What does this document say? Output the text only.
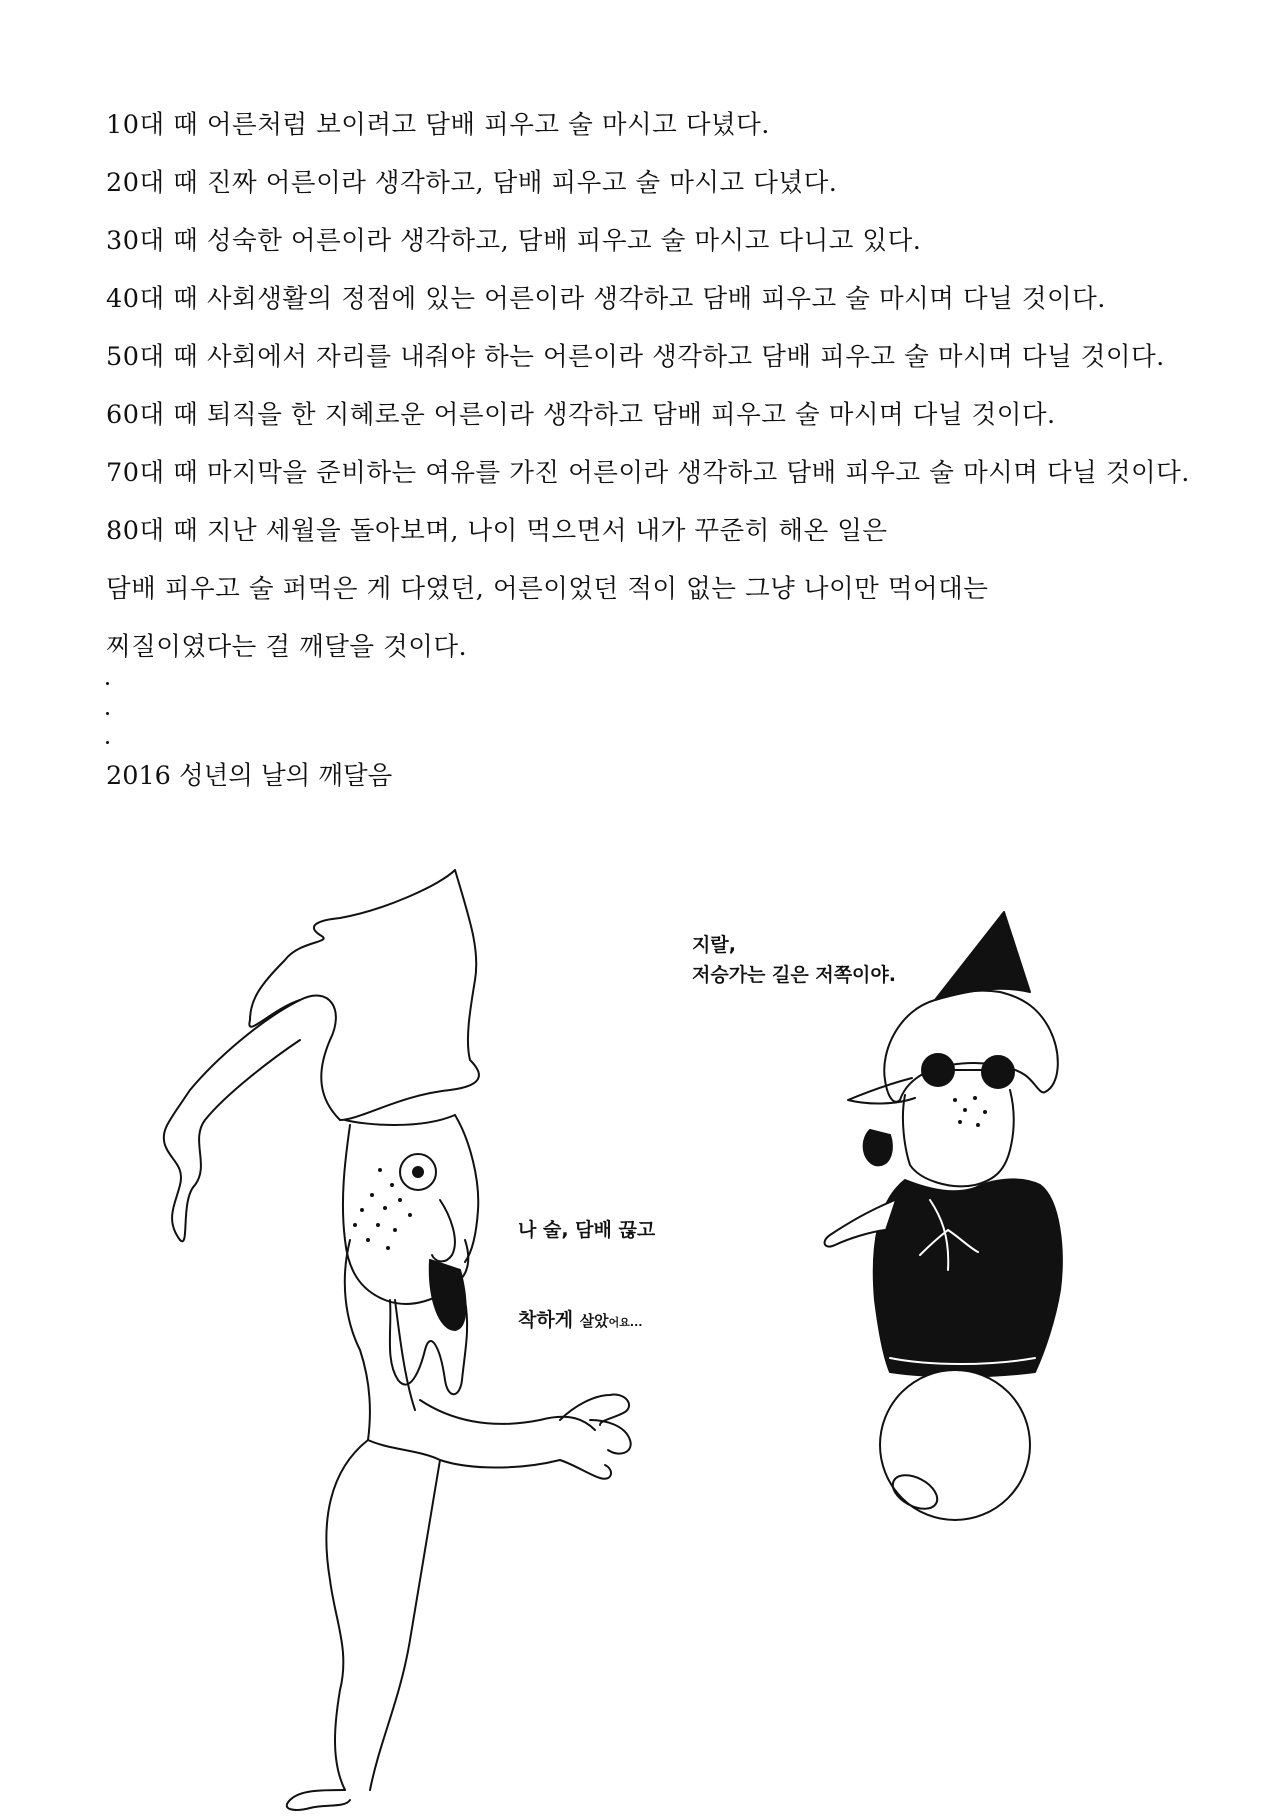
10대 때 어른처럼 보이려고 담배 피우고 술 마시고 다녔다.
20대 때 진짜 어른이라 생각하고, 담배 피우고 술 마시고 다녔다.
30대 때 성숙한 어른이라 생각하고, 담배 피우고 술 마시고 다니고 있다.
40대 때 사회생활의 정점에 있는 어른이라 생각하고 담배 피우고 술 마시며 다닐 것이다.
50대 때 사회에서 자리를 내줘야 하는 어른이라 생각하고 담배 피우고 술 마시며 다닐 것이다.
60대 때 퇴직을 한 지혜로운 어른이라 생각하고 담배 피우고 술 마시며 다닐 것이다.
70대 때 마지막을 준비하는 여유를 가진 어른이라 생각하고 담배 피우고 술 마시며 다닐 것이다.
80대 때 지난 세월을 돌아보며, 나이 먹으면서 내가 꾸준히 해온 일은
담배 피우고 술 퍼먹은 게 다였던, 어른이었던 적이 없는 그냥 나이만 먹어대는
찌질이였다는 걸 깨달을 것이다.
2016 성년의 날의 깨달음

나 술, 담배 끊고

착하게 살았어요...

지랄,
저승가는 길은 저쪽이야.
